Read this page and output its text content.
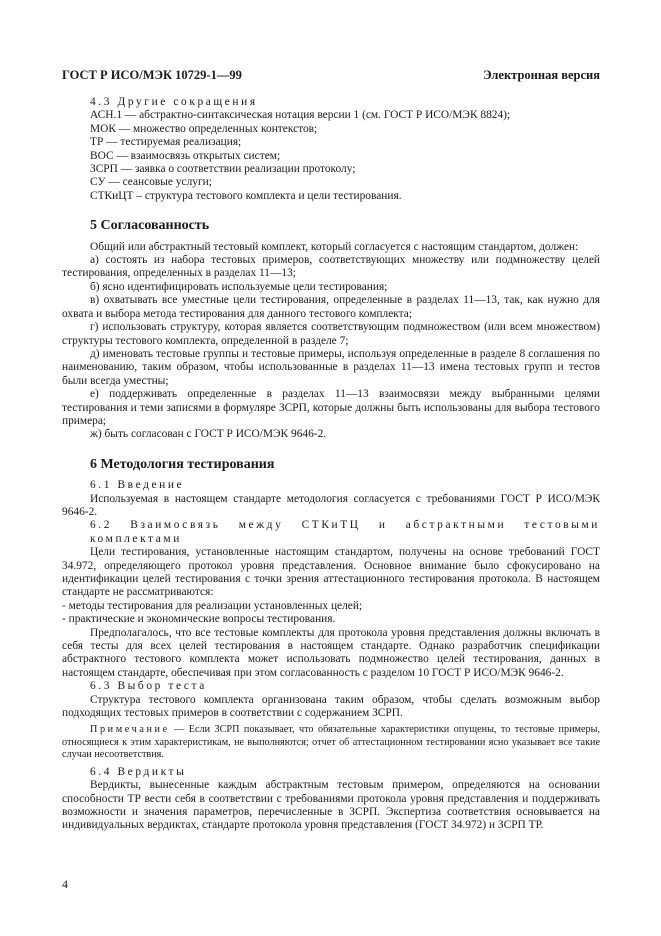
ГОСТ Р ИСО/МЭК 10729-1—99	Электронная версия

4.3 Другие сокращения

АСН.1 — абстрактно-синтаксическая нотация версии 1 (см. ГОСТ Р ИСО/МЭК 8824);

МОК — множество определенных контекстов;

ТР — тестируемая реализация;

ВОС — взаимосвязь открытых систем;

ЗСРП — заявка о соответствии реализации протоколу;

СУ — сеансовые услуги;

СТКиЦТ – структура тестового комплекта и цели тестирования.

5 Согласованность

Общий или абстрактный тестовый комплект, который согласуется с настоящим стандартом, должен:

а) состоять из набора тестовых примеров, соответствующих множеству или подмножеству целей тестирования, определенных в разделах 11—13;

б) ясно идентифицировать используемые цели тестирования;

в) охватывать все уместные цели тестирования, определенные в разделах 11—13, так, как нужно для охвата и выбора метода тестирования для данного тестового комплекта;

г) использовать структуру, которая является соответствующим подмножеством (или всем множеством) структуры тестового комплекта, определенной в разделе 7;

д) именовать тестовые группы и тестовые примеры, используя определенные в разделе 8 соглашения по наименованию, таким образом, чтобы использованные в разделах 11—13 имена тестовых групп и тестов были всегда уместны;

е) поддерживать определенные в разделах 11—13 взаимосвязи между выбранными целями тестирования и теми записями в формуляре ЗСРП, которые должны быть использованы для выбора тестового примера;

ж) быть согласован с ГОСТ Р ИСО/МЭК 9646-2.

6 Методология тестирования

6.1 Введение

Используемая в настоящем стандарте методология согласуется с требованиями ГОСТ Р ИСО/МЭК 9646-2.

6.2 Взаимосвязь между СТКиТЦ и абстрактными тестовыми комплектами

Цели тестирования, установленные настоящим стандартом, получены на основе требований ГОСТ 34.972, определяющего протокол уровня представления. Основное внимание было сфокусировано на идентификации целей тестирования с точки зрения аттестационного тестирования протокола. В настоящем стандарте не рассматриваются:

- методы тестирования для реализации установленных целей;

- практические и экономические вопросы тестирования.

Предполагалось, что все тестовые комплекты для протокола уровня представления должны включать в себя тесты для всех целей тестирования в настоящем стандарте. Однако разработчик спецификации абстрактного тестового комплекта может использовать подмножество целей тестирования, данных в настоящем стандарте, обеспечивая при этом согласованность с разделом 10 ГОСТ Р ИСО/МЭК 9646-2.

6.3 Выбор теста

Структура тестового комплекта организована таким образом, чтобы сделать возможным выбор подходящих тестовых примеров в соответствии с содержанием ЗСРП.

Примечание — Если ЗСРП показывает, что обязательные характеристики опущены, то тестовые примеры, относящиеся к этим характеристикам, не выполняются; отчет об аттестационном тестировании ясно указывает все такие случаи несоответствия.

6.4 Вердикты

Вердикты, вынесенные каждым абстрактным тестовым примером, определяются на основании способности ТР вести себя в соответствии с требованиями протокола уровня представления и поддерживать возможности и значения параметров, перечисленные в ЗСРП. Экспертиза соответствия основывается на индивидуальных вердиктах, стандарте протокола уровня представления (ГОСТ 34.972) и ЗСРП ТР.

4
